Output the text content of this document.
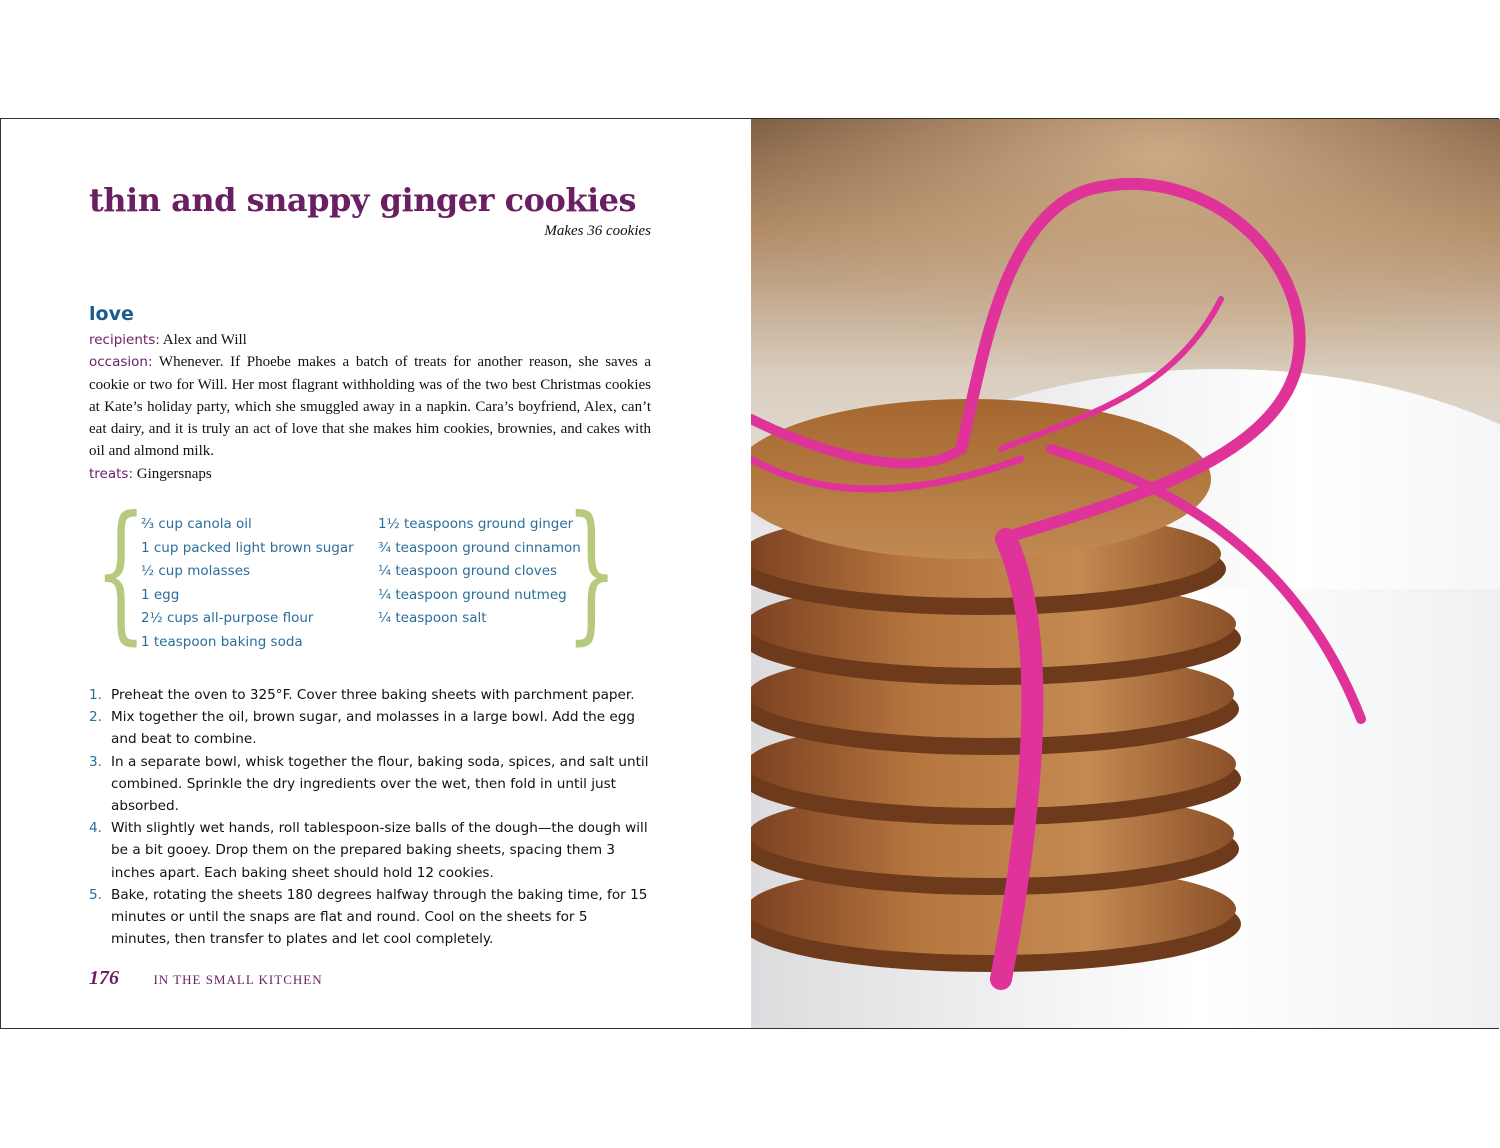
thin and snappy ginger cookies
Makes 36 cookies
love

recipients: Alex and Will

occasion: Whenever. If Phoebe makes a batch of treats for another reason, she saves a cookie or two for Will. Her most flagrant withholding was of the two best Christmas cookies at Kate’s holiday party, which she smuggled away in a napkin. Cara’s boyfriend, Alex, can’t eat dairy, and it is truly an act of love that she makes him cookies, brownies, and cakes with oil and almond milk.

treats: Gingersnaps

{
⅔ cup canola oil
1 cup packed light brown sugar
½ cup molasses
1 egg
2½ cups all-purpose flour
1 teaspoon baking soda
1½ teaspoons ground ginger
¾ teaspoon ground cinnamon
¼ teaspoon ground cloves
¼ teaspoon ground nutmeg
¼ teaspoon salt }
1. Preheat the oven to 325°F. Cover three baking sheets with parchment paper.
2. Mix together the oil, brown sugar, and molasses in a large bowl. Add the egg and beat to combine.
3. In a separate bowl, whisk together the flour, baking soda, spices, and salt until combined. Sprinkle the dry ingredients over the wet, then fold in until just absorbed.
4. With slightly wet hands, roll tablespoon-size balls of the dough—the dough will be a bit gooey. Drop them on the prepared baking sheets, spacing them 3 inches apart. Each baking sheet should hold 12 cookies.
5. Bake, rotating the sheets 180 degrees halfway through the baking time, for 15 minutes or until the snaps are flat and round. Cool on the sheets for 5 minutes, then transfer to plates and let cool completely.
176	IN THE SMALL KITCHEN
